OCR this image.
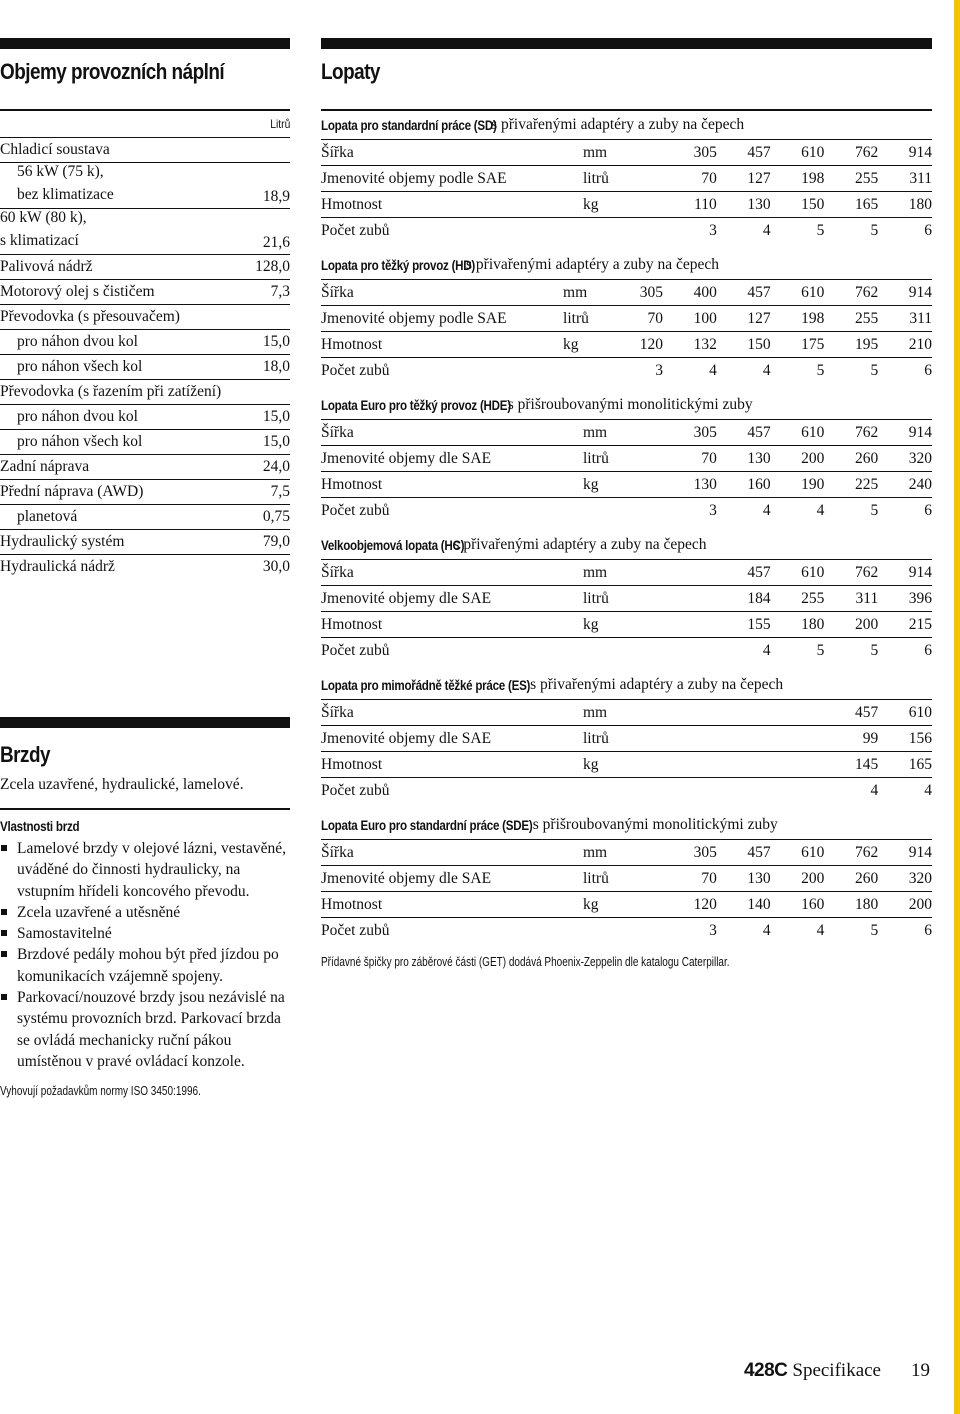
Objemy provozních náplní
Litrů
Chladicí soustava
56 kW (75 k),
bez klimatizace	18,9
60 kW (80 k),
s klimatizací	21,6
Palivová nádrž	128,0
Motorový olej s čističem	7,3
Převodovka (s přesouvačem)
pro náhon dvou kol	15,0
pro náhon všech kol	18,0
Převodovka (s řazením při zatížení)
pro náhon dvou kol	15,0
pro náhon všech kol	15,0
Zadní náprava	24,0
Přední náprava (AWD)	7,5
planetová	0,75
Hydraulický systém	79,0
Hydraulická nádrž	30,0
Brzdy
Zcela uzavřené, hydraulické, lamelové.
Vlastnosti brzd
Lamelové brzdy v olejové lázni, vestavěné, uváděné do činnosti hydraulicky, na vstupním hřídeli koncového převodu.
Zcela uzavřené a utěsněné
Samostavitelné
Brzdové pedály mohou být před jízdou po komunikacích vzájemně spojeny.
Parkovací/nouzové brzdy jsou nezávislé na systému provozních brzd. Parkovací brzda se ovládá mechanicky ruční pákou umístěnou v pravé ovládací konzole.
Vyhovují požadavkům normy ISO 3450:1996.
Lopaty
Lopata pro standardní práce (SD)
s přivařenými adaptéry a zuby na čepech
Šířka	mm	305	457	610	762	914
Jmenovité objemy podle SAE	litrů	70	127	198	255	311
Hmotnost	kg	110	130	150	165	180
Počet zubů	3	4	5	5	6
Lopata pro těžký provoz (HD)
s přivařenými adaptéry a zuby na čepech
Šířka	mm	305	400	457	610	762	914
Jmenovité objemy podle SAE	litrů	70	100	127	198	255	311
Hmotnost	kg	120	132	150	175	195	210
Počet zubů	3	4	4	5	5	6
Lopata Euro pro těžký provoz (HDE)
s přišroubovanými monolitickými zuby
Šířka	mm	305	457	610	762	914
Jmenovité objemy dle SAE	litrů	70	130	200	260	320
Hmotnost	kg	130	160	190	225	240
Počet zubů	3	4	4	5	6
Velkoobjemová lopata (HC)
s přivařenými adaptéry a zuby na čepech
Šířka	mm	457	610	762	914
Jmenovité objemy dle SAE	litrů	184	255	311	396
Hmotnost	kg	155	180	200	215
Počet zubů	4	5	5	6
Lopata pro mimořádně těžké práce (ES)
s přivařenými adaptéry a zuby na čepech
Šířka	mm	457	610
Jmenovité objemy dle SAE	litrů	99	156
Hmotnost	kg	145	165
Počet zubů	4	4
Lopata Euro pro standardní práce (SDE)
s přišroubovanými monolitickými zuby
Šířka	mm	305	457	610	762	914
Jmenovité objemy dle SAE	litrů	70	130	200	260	320
Hmotnost	kg	120	140	160	180	200
Počet zubů	3	4	4	5	6
Přídavné špičky pro záběrové části (GET) dodává Phoenix-Zeppelin dle katalogu Caterpillar.
428C Specifikace 19
